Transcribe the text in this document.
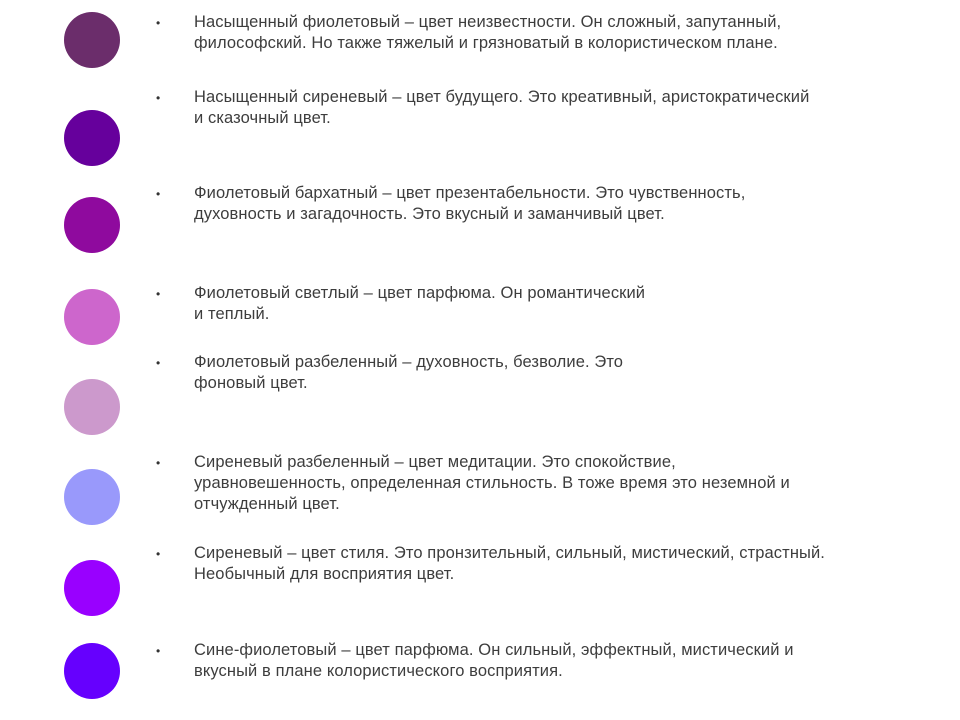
•	Насыщенный фиолетовый – цвет неизвестности. Он сложный, запутанный,
философский. Но также тяжелый и грязноватый в колористическом плане.
•	Насыщенный сиреневый – цвет будущего. Это креативный, аристократический
и сказочный цвет.
•	Фиолетовый бархатный – цвет презентабельности. Это чувственность,
духовность и загадочность. Это вкусный и заманчивый цвет.
•	Фиолетовый светлый – цвет парфюма. Он романтический
и теплый.
•	Фиолетовый разбеленный – духовность, безволие. Это
фоновый цвет.
•	Сиреневый разбеленный – цвет медитации. Это спокойствие,
уравновешенность, определенная стильность. В тоже время это неземной и
отчужденный цвет.
•	Сиреневый – цвет стиля. Это пронзительный, сильный, мистический, страстный.
Необычный для восприятия цвет.
•	Сине-фиолетовый – цвет парфюма. Он сильный, эффектный, мистический и
вкусный в плане колористического восприятия.
